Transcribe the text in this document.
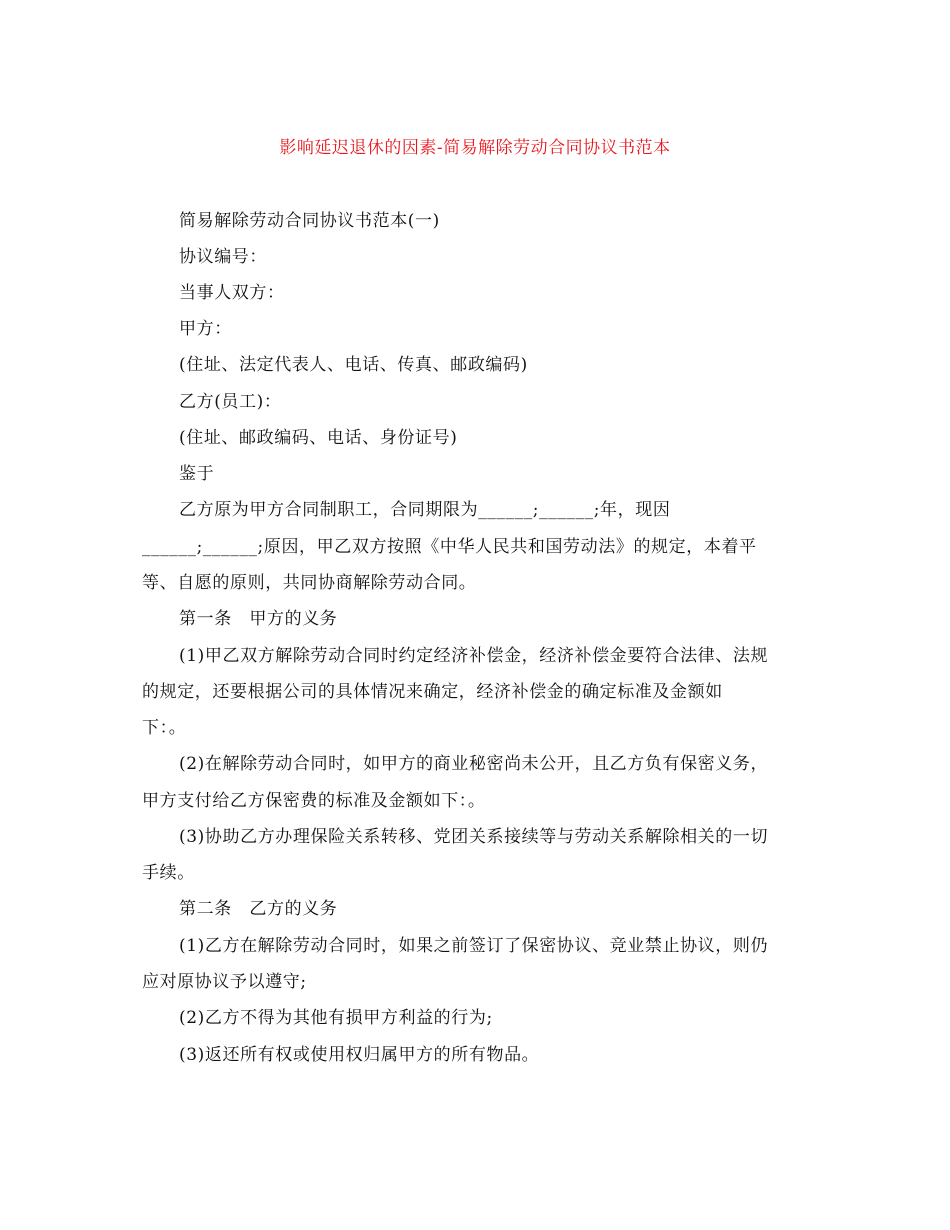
影响延迟退休的因素-简易解除劳动合同协议书范本
简易解除劳动合同协议书范本(一)
协议编号：
当事人双方：
甲方：
(住址、法定代表人、电话、传真、邮政编码)
乙方(员工)：
(住址、邮政编码、电话、身份证号)
鉴于
乙方原为甲方合同制职工，合同期限为______;______;年，现因
______;______;原因，甲乙双方按照《中华人民共和国劳动法》的规定，本着平
等、自愿的原则，共同协商解除劳动合同。
第一条　甲方的义务
(1)甲乙双方解除劳动合同时约定经济补偿金，经济补偿金要符合法律、法规
的规定，还要根据公司的具体情况来确定，经济补偿金的确定标准及金额如
下：。
(2)在解除劳动合同时，如甲方的商业秘密尚未公开，且乙方负有保密义务，
甲方支付给乙方保密费的标准及金额如下：。
(3)协助乙方办理保险关系转移、党团关系接续等与劳动关系解除相关的一切
手续。
第二条　乙方的义务
(1)乙方在解除劳动合同时，如果之前签订了保密协议、竞业禁止协议，则仍
应对原协议予以遵守;
(2)乙方不得为其他有损甲方利益的行为;
(3)返还所有权或使用权归属甲方的所有物品。
